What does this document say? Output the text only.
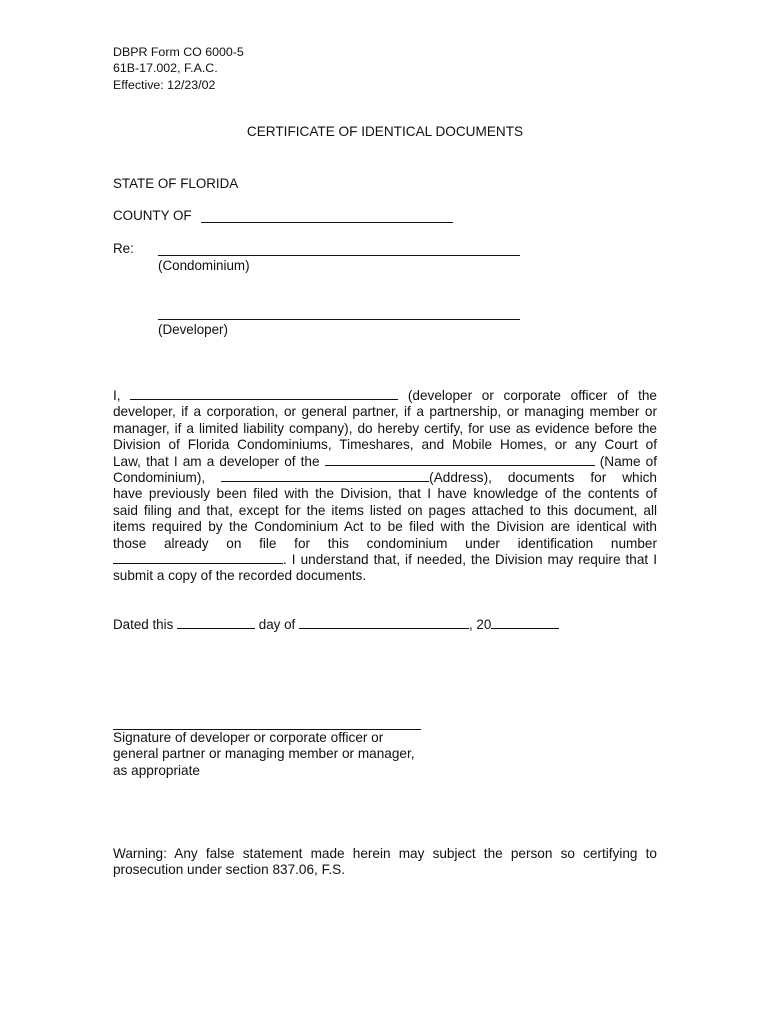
DBPR Form CO 6000-5
61B-17.002, F.A.C.
Effective: 12/23/02
CERTIFICATE OF IDENTICAL DOCUMENTS
STATE OF FLORIDA
COUNTY OF
Re:
(Condominium)
(Developer)
I,	(developer or corporate officer of the
developer, if a corporation, or general partner, if a partnership, or managing member or
manager, if a limited liability company), do hereby certify, for use as evidence before the
Division of Florida Condominiums, Timeshares, and Mobile Homes, or any Court of
Law, that I am a developer of the	(Name of
Condominium),	(Address), documents for which
have previously been filed with the Division, that I have knowledge of the contents of
said filing and that, except for the items listed on pages attached to this document, all
items required by the Condominium Act to be filed with the Division are identical with
those already on file for this condominium under identification number
. I understand that, if needed, the Division may require that I
submit a copy of the recorded documents.
Dated this	day of	, 20
Signature of developer or corporate officer or
general partner or managing member or manager,
as appropriate
Warning: Any false statement made herein may subject the person so certifying to
prosecution under section 837.06, F.S.
